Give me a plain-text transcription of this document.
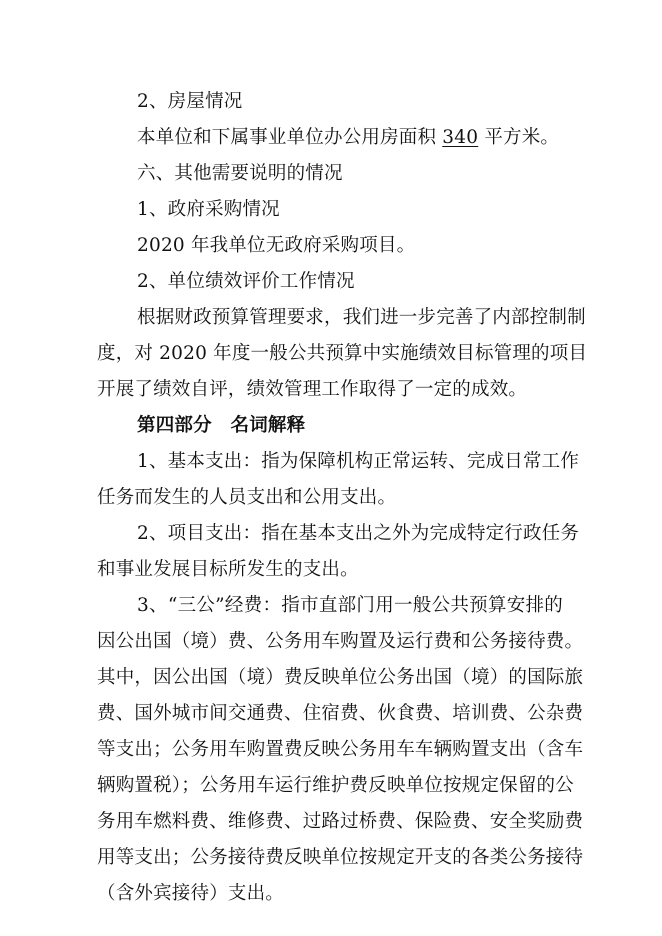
2、房屋情况
本单位和下属事业单位办公用房面积 340 平方米。
六、其他需要说明的情况
1、政府采购情况
2020 年我单位无政府采购项目。
2、单位绩效评价工作情况
根据财政预算管理要求，我们进一步完善了内部控制制
度，对 2020 年度一般公共预算中实施绩效目标管理的项目
开展了绩效自评，绩效管理工作取得了一定的成效。
第四部分　名词解释
1、基本支出：指为保障机构正常运转、完成日常工作
任务而发生的人员支出和公用支出。
2、项目支出：指在基本支出之外为完成特定行政任务
和事业发展目标所发生的支出。
3、“三公”经费：指市直部门用一般公共预算安排的
因公出国（境）费、公务用车购置及运行费和公务接待费。
其中，因公出国（境）费反映单位公务出国（境）的国际旅
费、国外城市间交通费、住宿费、伙食费、培训费、公杂费
等支出；公务用车购置费反映公务用车车辆购置支出（含车
辆购置税）；公务用车运行维护费反映单位按规定保留的公
务用车燃料费、维修费、过路过桥费、保险费、安全奖励费
用等支出；公务接待费反映单位按规定开支的各类公务接待
（含外宾接待）支出。
